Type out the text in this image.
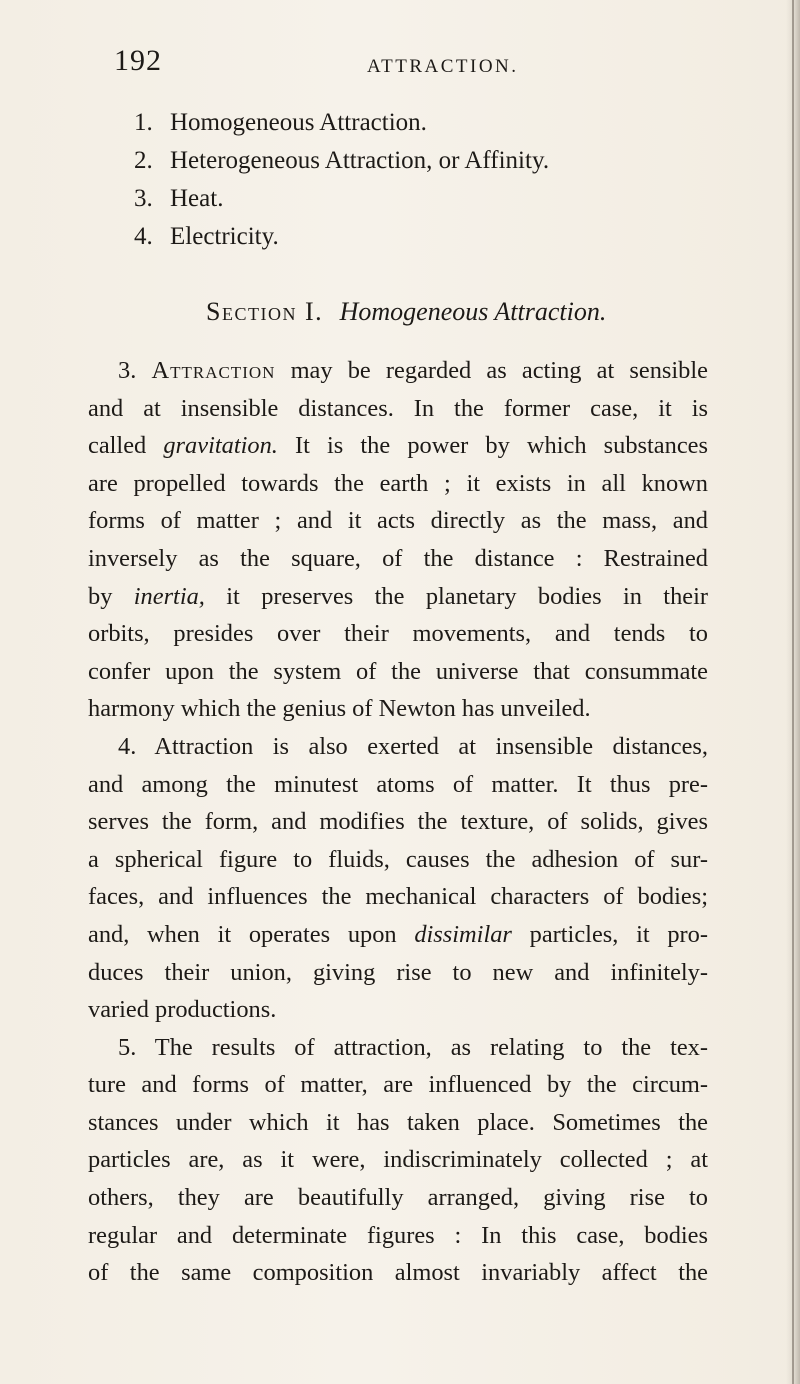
192	ATTRACTION.
1. Homogeneous Attraction.
2. Heterogeneous Attraction, or Affinity.
3. Heat.
4. Electricity.
Section I. Homogeneous Attraction.
3. Attraction may be regarded as acting at sensible
and at insensible distances. In the former case, it is
called gravitation. It is the power by which substances
are propelled towards the earth ; it exists in all known
forms of matter ; and it acts directly as the mass, and
inversely as the square, of the distance : Restrained
by inertia, it preserves the planetary bodies in their
orbits, presides over their movements, and tends to
confer upon the system of the universe that consummate
harmony which the genius of Newton has unveiled.
4. Attraction is also exerted at insensible distances,
and among the minutest atoms of matter. It thus pre-
serves the form, and modifies the texture, of solids, gives
a spherical figure to fluids, causes the adhesion of sur-
faces, and influences the mechanical characters of bodies;
and, when it operates upon dissimilar particles, it pro-
duces their union, giving rise to new and infinitely-
varied productions.
5. The results of attraction, as relating to the tex-
ture and forms of matter, are influenced by the circum-
stances under which it has taken place. Sometimes the
particles are, as it were, indiscriminately collected ; at
others, they are beautifully arranged, giving rise to
regular and determinate figures : In this case, bodies
of the same composition almost invariably affect the
